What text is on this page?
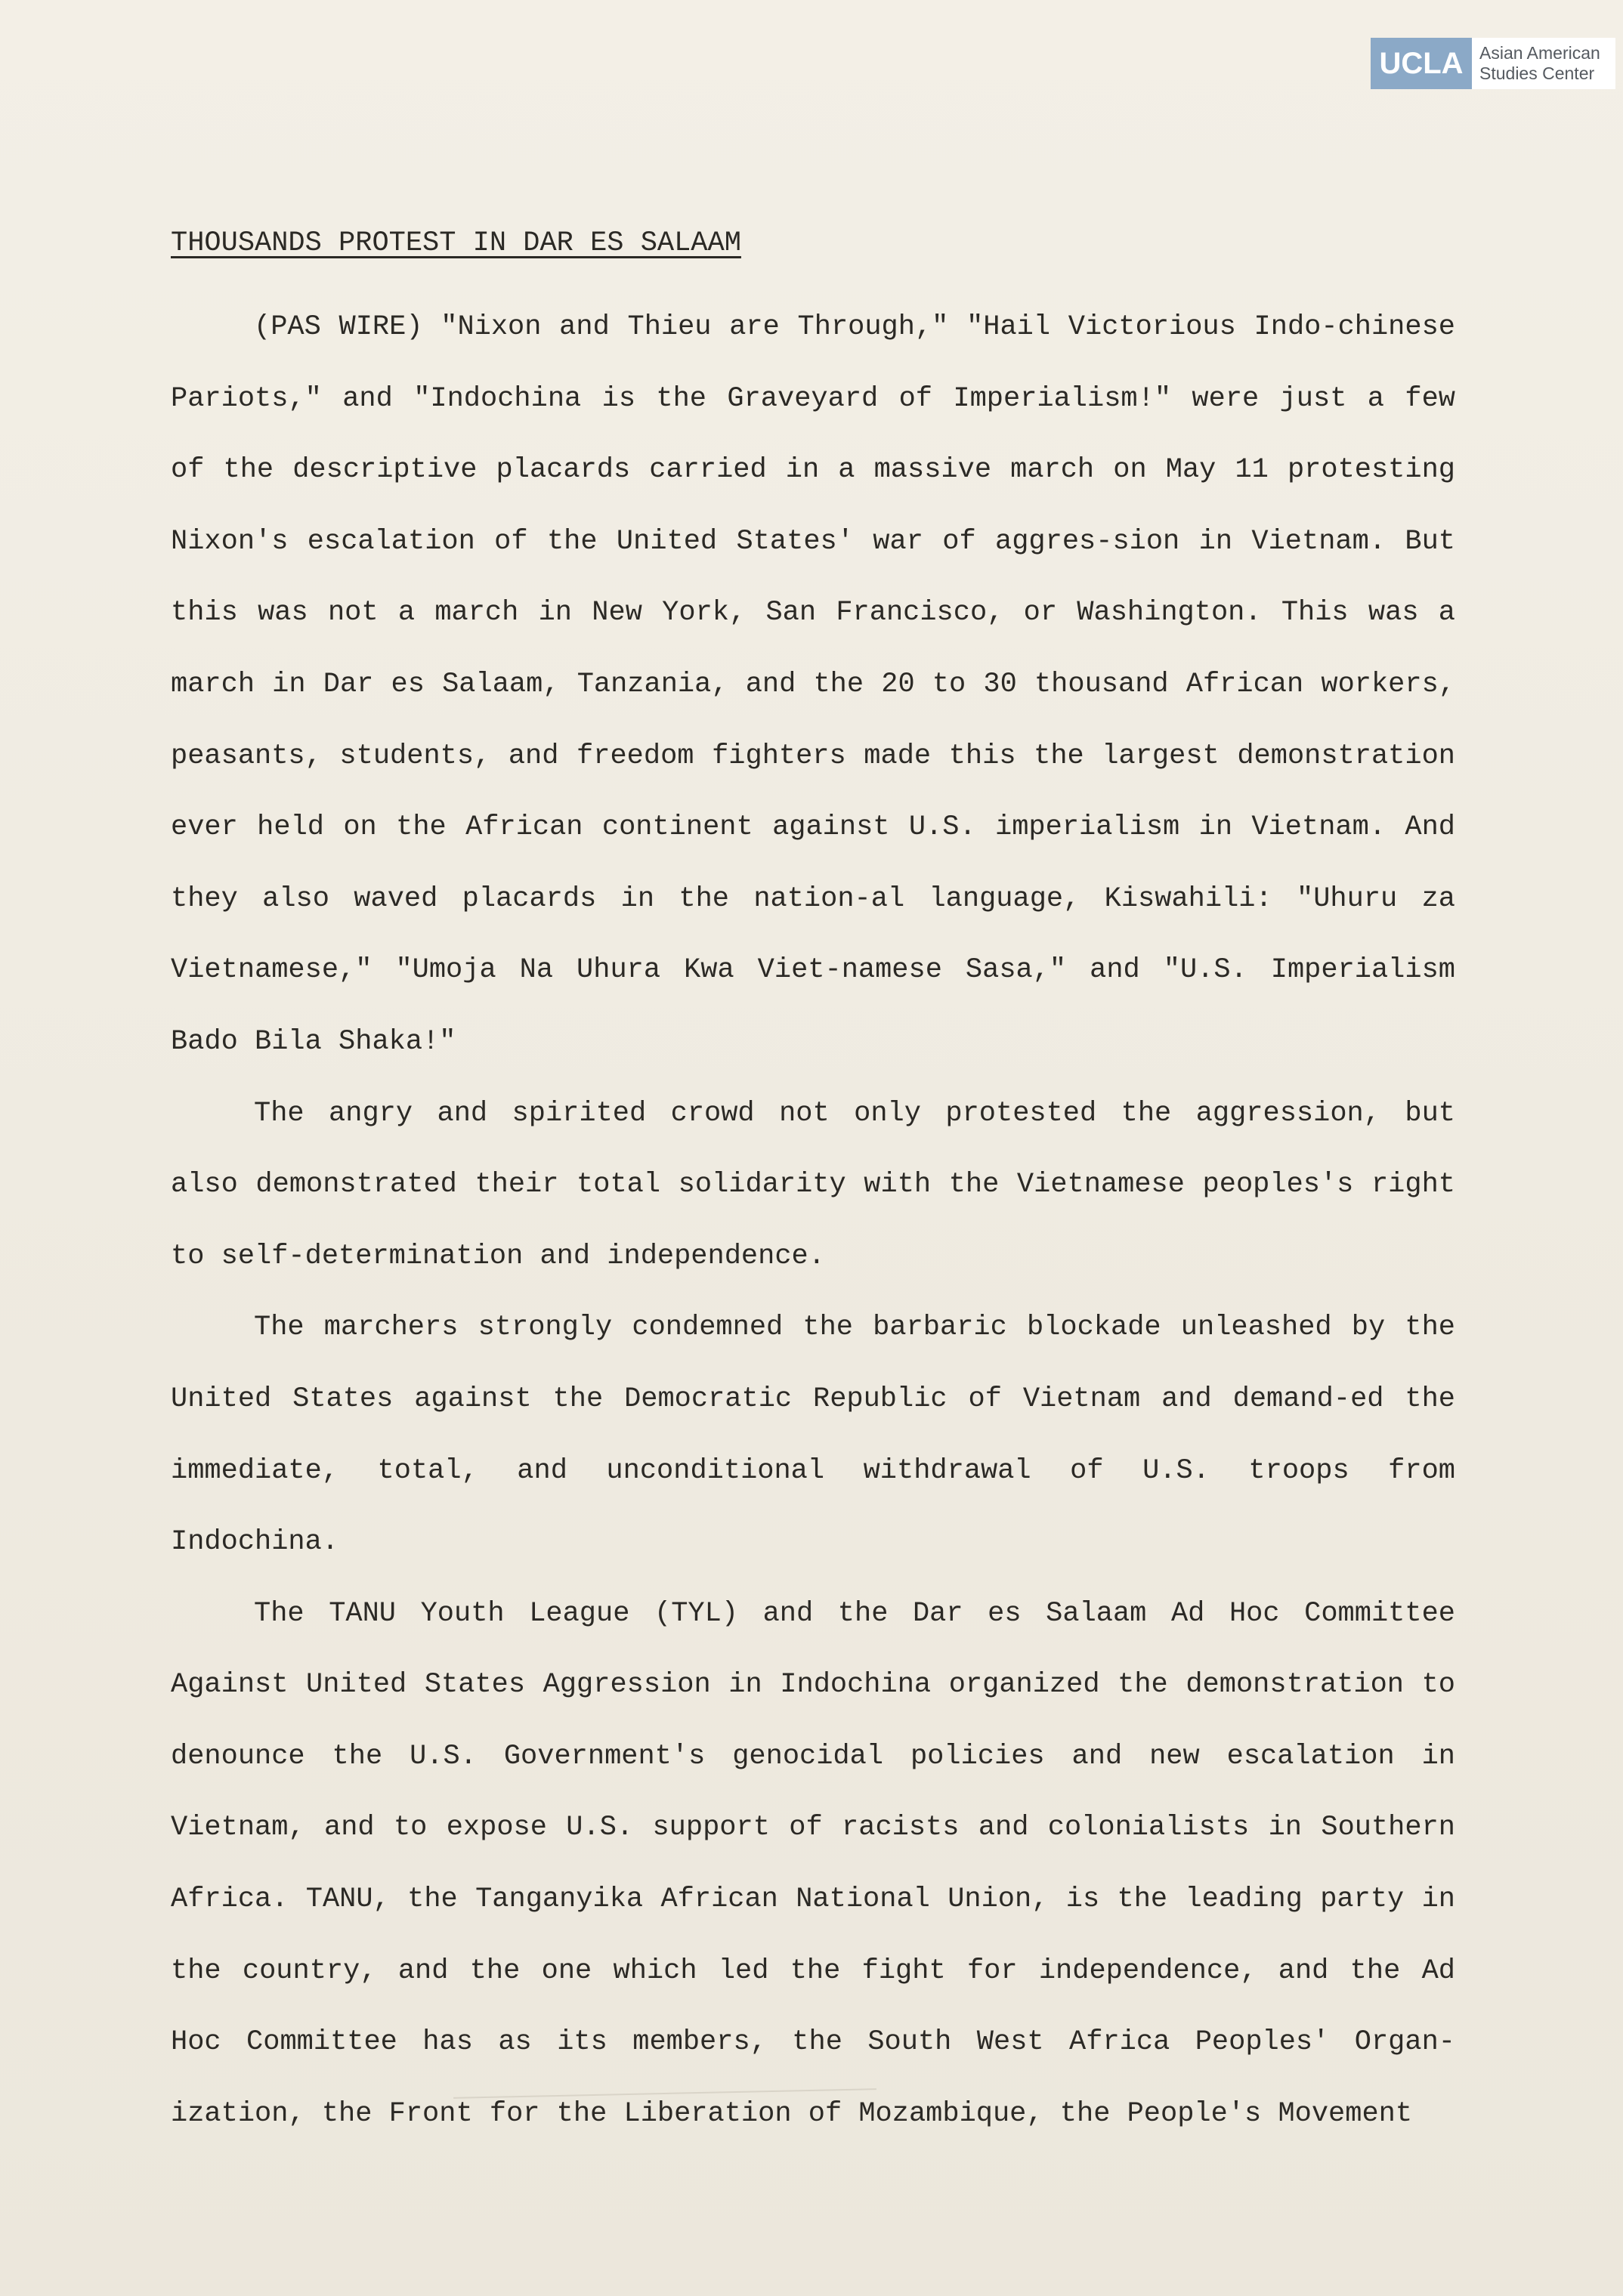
UCLA Asian American
Studies Center
THOUSANDS PROTEST IN DAR ES SALAAM

(PAS WIRE) "Nixon and Thieu are Through," "Hail Victorious Indo-chinese Pariots," and "Indochina is the Graveyard of Imperialism!" were just a few of the descriptive placards carried in a massive march on May 11 protesting Nixon's escalation of the United States' war of aggres-sion in Vietnam. But this was not a march in New York, San Francisco, or Washington. This was a march in Dar es Salaam, Tanzania, and the 20 to 30 thousand African workers, peasants, students, and freedom fighters made this the largest demonstration ever held on the African continent against U.S. imperialism in Vietnam. And they also waved placards in the nation-al language, Kiswahili: "Uhuru za Vietnamese," "Umoja Na Uhura Kwa Viet-namese Sasa," and "U.S. Imperialism Bado Bila Shaka!"

The angry and spirited crowd not only protested the aggression, but also demonstrated their total solidarity with the Vietnamese peoples's right to self-determination and independence.

The marchers strongly condemned the barbaric blockade unleashed by the United States against the Democratic Republic of Vietnam and demand-ed the immediate, total, and unconditional withdrawal of U.S. troops from Indochina.

The TANU Youth League (TYL) and the Dar es Salaam Ad Hoc Committee Against United States Aggression in Indochina organized the demonstration to denounce the U.S. Government's genocidal policies and new escalation in Vietnam, and to expose U.S. support of racists and colonialists in Southern Africa. TANU, the Tanganyika African National Union, is the leading party in the country, and the one which led the fight for independence, and the Ad Hoc Committee has as its members, the South West Africa Peoples' Organ-ization, the Front for the Liberation of Mozambique, the People's Movement
